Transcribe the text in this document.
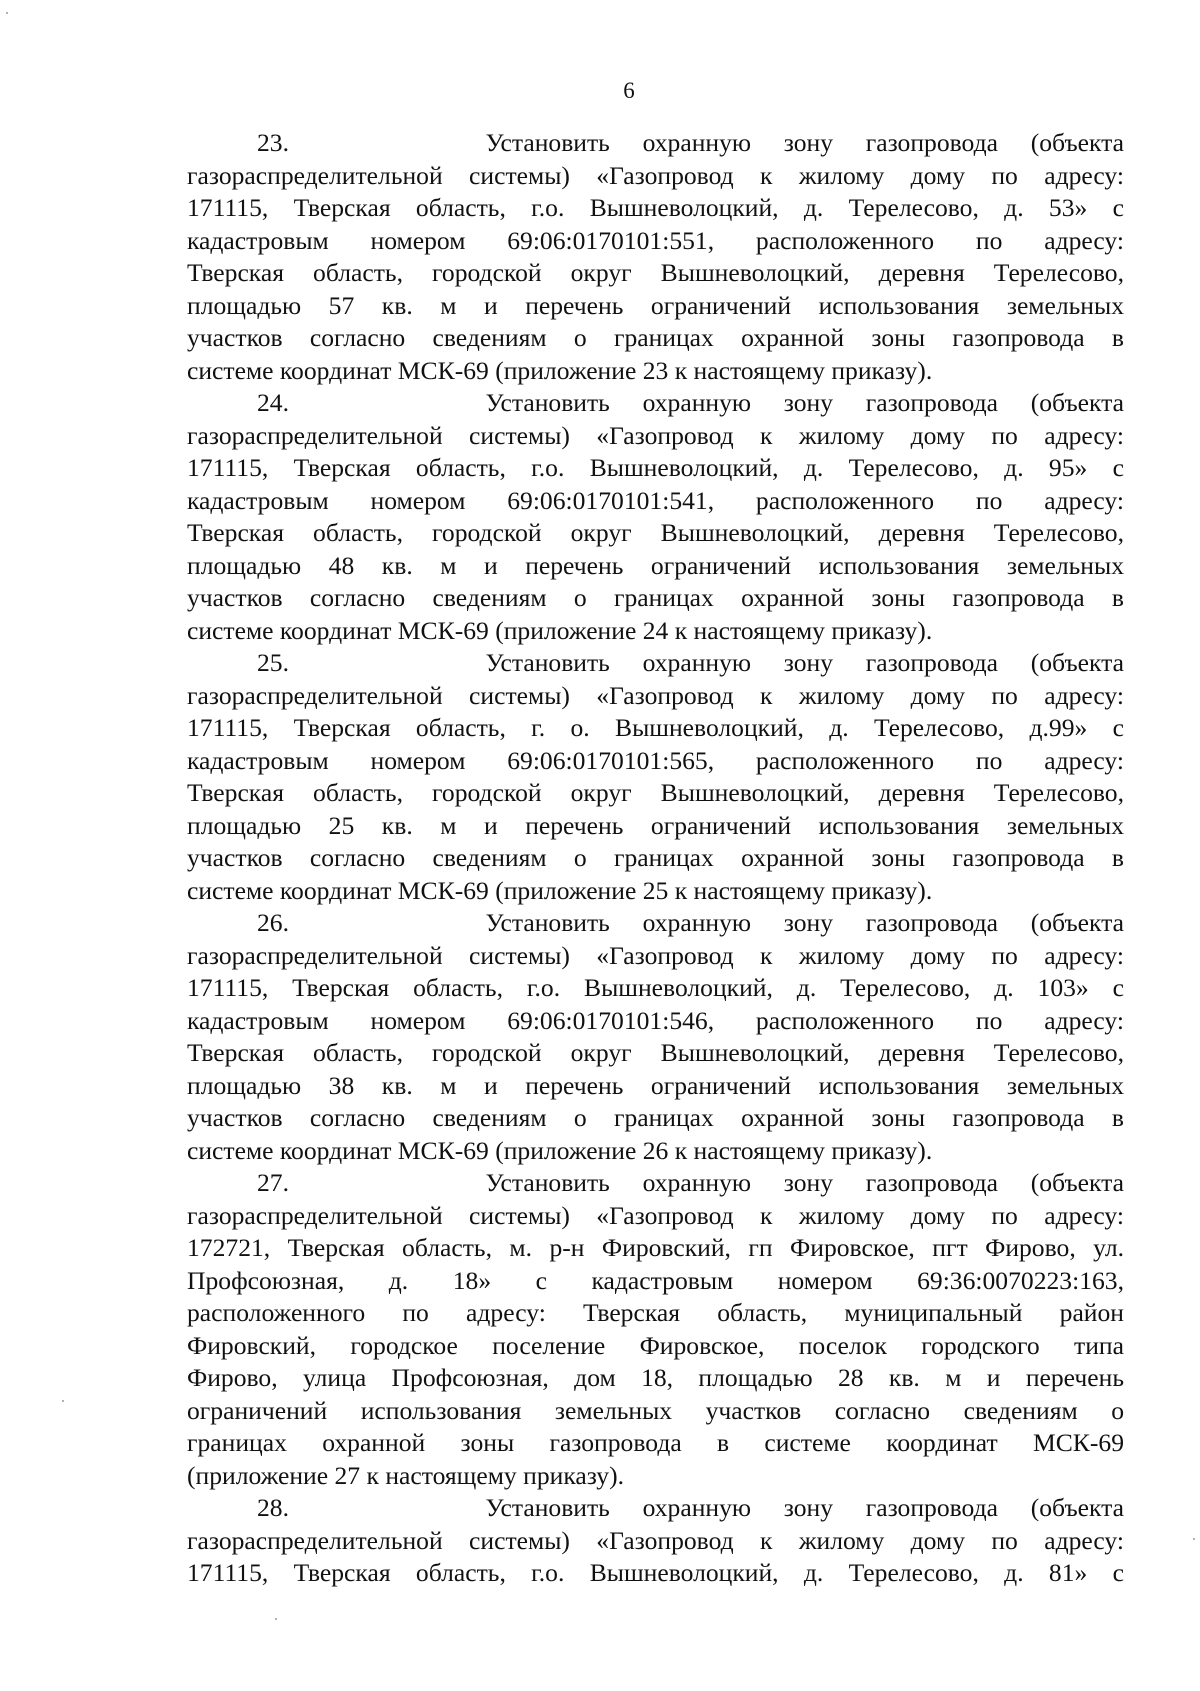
6
23.      Установить охранную зону газопровода (объекта
газораспределительной системы) «Газопровод к жилому дому по адресу:
171115, Тверская область, г.о. Вышневолоцкий, д. Терелесово, д. 53» с
кадастровым номером 69:06:0170101:551, расположенного по адресу:
Тверская область, городской округ Вышневолоцкий, деревня Терелесово,
площадью 57 кв. м и перечень ограничений использования земельных
участков согласно сведениям о границах охранной зоны газопровода в
системе координат МСК-69 (приложение 23 к настоящему приказу).
24.      Установить охранную зону газопровода (объекта
газораспределительной системы) «Газопровод к жилому дому по адресу:
171115, Тверская область, г.о. Вышневолоцкий, д. Терелесово, д. 95» с
кадастровым номером 69:06:0170101:541, расположенного по адресу:
Тверская область, городской округ Вышневолоцкий, деревня Терелесово,
площадью 48 кв. м и перечень ограничений использования земельных
участков согласно сведениям о границах охранной зоны газопровода в
системе координат МСК-69 (приложение 24 к настоящему приказу).
25.      Установить охранную зону газопровода (объекта
газораспределительной системы) «Газопровод к жилому дому по адресу:
171115, Тверская область, г. о. Вышневолоцкий, д. Терелесово, д.99» с
кадастровым номером 69:06:0170101:565, расположенного по адресу:
Тверская область, городской округ Вышневолоцкий, деревня Терелесово,
площадью 25 кв. м и перечень ограничений использования земельных
участков согласно сведениям о границах охранной зоны газопровода в
системе координат МСК-69 (приложение 25 к настоящему приказу).
26.      Установить охранную зону газопровода (объекта
газораспределительной системы) «Газопровод к жилому дому по адресу:
171115, Тверская область, г.о. Вышневолоцкий, д. Терелесово, д. 103» с
кадастровым номером 69:06:0170101:546, расположенного по адресу:
Тверская область, городской округ Вышневолоцкий, деревня Терелесово,
площадью 38 кв. м и перечень ограничений использования земельных
участков согласно сведениям о границах охранной зоны газопровода в
системе координат МСК-69 (приложение 26 к настоящему приказу).
27.      Установить охранную зону газопровода (объекта
газораспределительной системы) «Газопровод к жилому дому по адресу:
172721, Тверская область, м. р-н Фировский, гп Фировское, пгт Фирово, ул.
Профсоюзная, д. 18» с кадастровым номером 69:36:0070223:163,
расположенного по адресу: Тверская область, муниципальный район
Фировский, городское поселение Фировское, поселок городского типа
Фирово, улица Профсоюзная, дом 18, площадью 28 кв. м и перечень
ограничений использования земельных участков согласно сведениям о
границах охранной зоны газопровода в системе координат МСК-69
(приложение 27 к настоящему приказу).
28.      Установить охранную зону газопровода (объекта
газораспределительной системы) «Газопровод к жилому дому по адресу:
171115, Тверская область, г.о. Вышневолоцкий, д. Терелесово, д. 81» с
